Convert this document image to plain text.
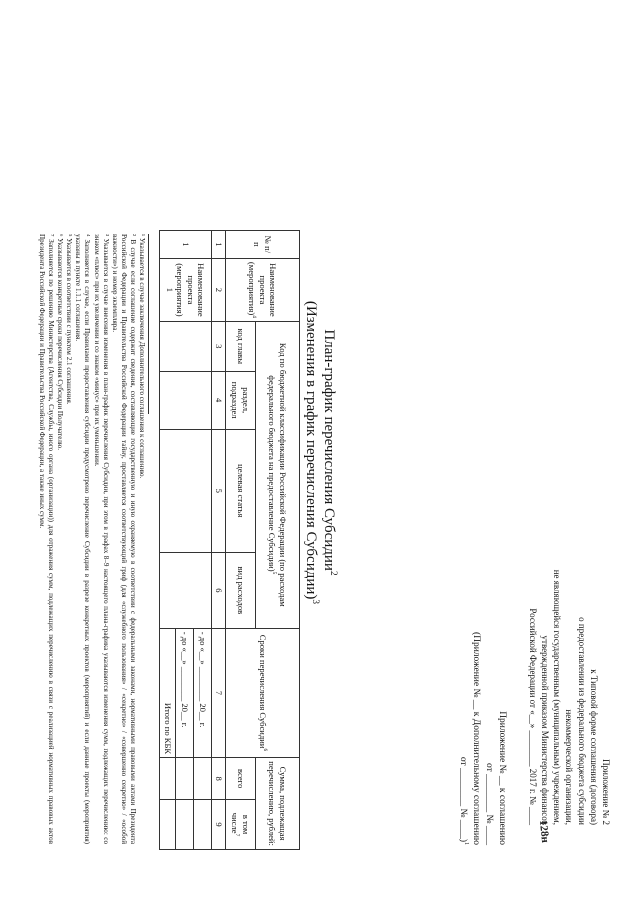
Приложение № 2
к Типовой форме соглашения (договора)
о предоставлении из федерального бюджета субсидии
некоммерческой организации,
не являющейся государственным (муниципальным) учреждением,
утвержденной приказом Министерства финансов
Российской Федерации от «__» ________ 2017 г. № ____
128н
Приложение № __ к соглашению
от ________ № ____
(Приложение № __ к Дополнительному соглашению
от ________ № ____)$^1$
План-график перечисления Субсидии$^2$
(Изменения в график перечисления Субсидии)$^3$
№ п/п	Наименование проекта (мероприятия)$^4$	Код по бюджетной классификации Российской Федерации (по расходам федерального бюджета на предоставление Субсидии)$^5$				Сроки перечисления Субсидии$^6$	Сумма, подлежащая перечислению, рублей:	
		код главы	раздел, подраздел	целевая статья	вид расходов		всего	в том числе$^7$
1	2	3	4	5	6	7	8	9
1	Наименование проекта (мероприятия) 1					- до «__» ________ 20__ г.		
						- до «__» ________ 20__ г.		
						Итого по КБК		

¹ Указывается в случае заключения Дополнительного соглашения к соглашению.

² В случае если соглашение содержит сведения, составляющие государственную и иную охраняемую в соответствии с федеральными законами, нормативными правовыми актами Президента Российской Федерации и Правительства Российской Федерации тайну, проставляется соответствующий гриф (для «служебного пользования» / «секретно» / «совершенно секретно» / «особой важности») и номер экземпляра.

³ Указывается в случае внесения изменения в план-график перечисления Субсидии, при этом в графах 8–9 настоящего плана-графика указываются изменения сумм, подлежащих перечислению: со знаком «плюс» при их увеличении и со знаком «минус» при их уменьшении.

⁴ Заполняется в случае, если Правилами предоставления субсидии предусмотрено перечисление Субсидии в разрезе конкретных проектов (мероприятий) и если данные проекты (мероприятия) указаны в пункте 1.1.1 соглашения.

⁵ Указывается в соответствии с пунктом 2.1 соглашения.

⁶ Указываются конкретные сроки перечисления Субсидии Получателю.

⁷ Заполняется по решению Министерства (Агентства, Службы, иного органа (организации)) для отражения сумм, подлежащих перечислению в связи с реализацией нормативных правовых актов Президента Российской Федерации и Правительства Российской Федерации, а также иных сумм.
